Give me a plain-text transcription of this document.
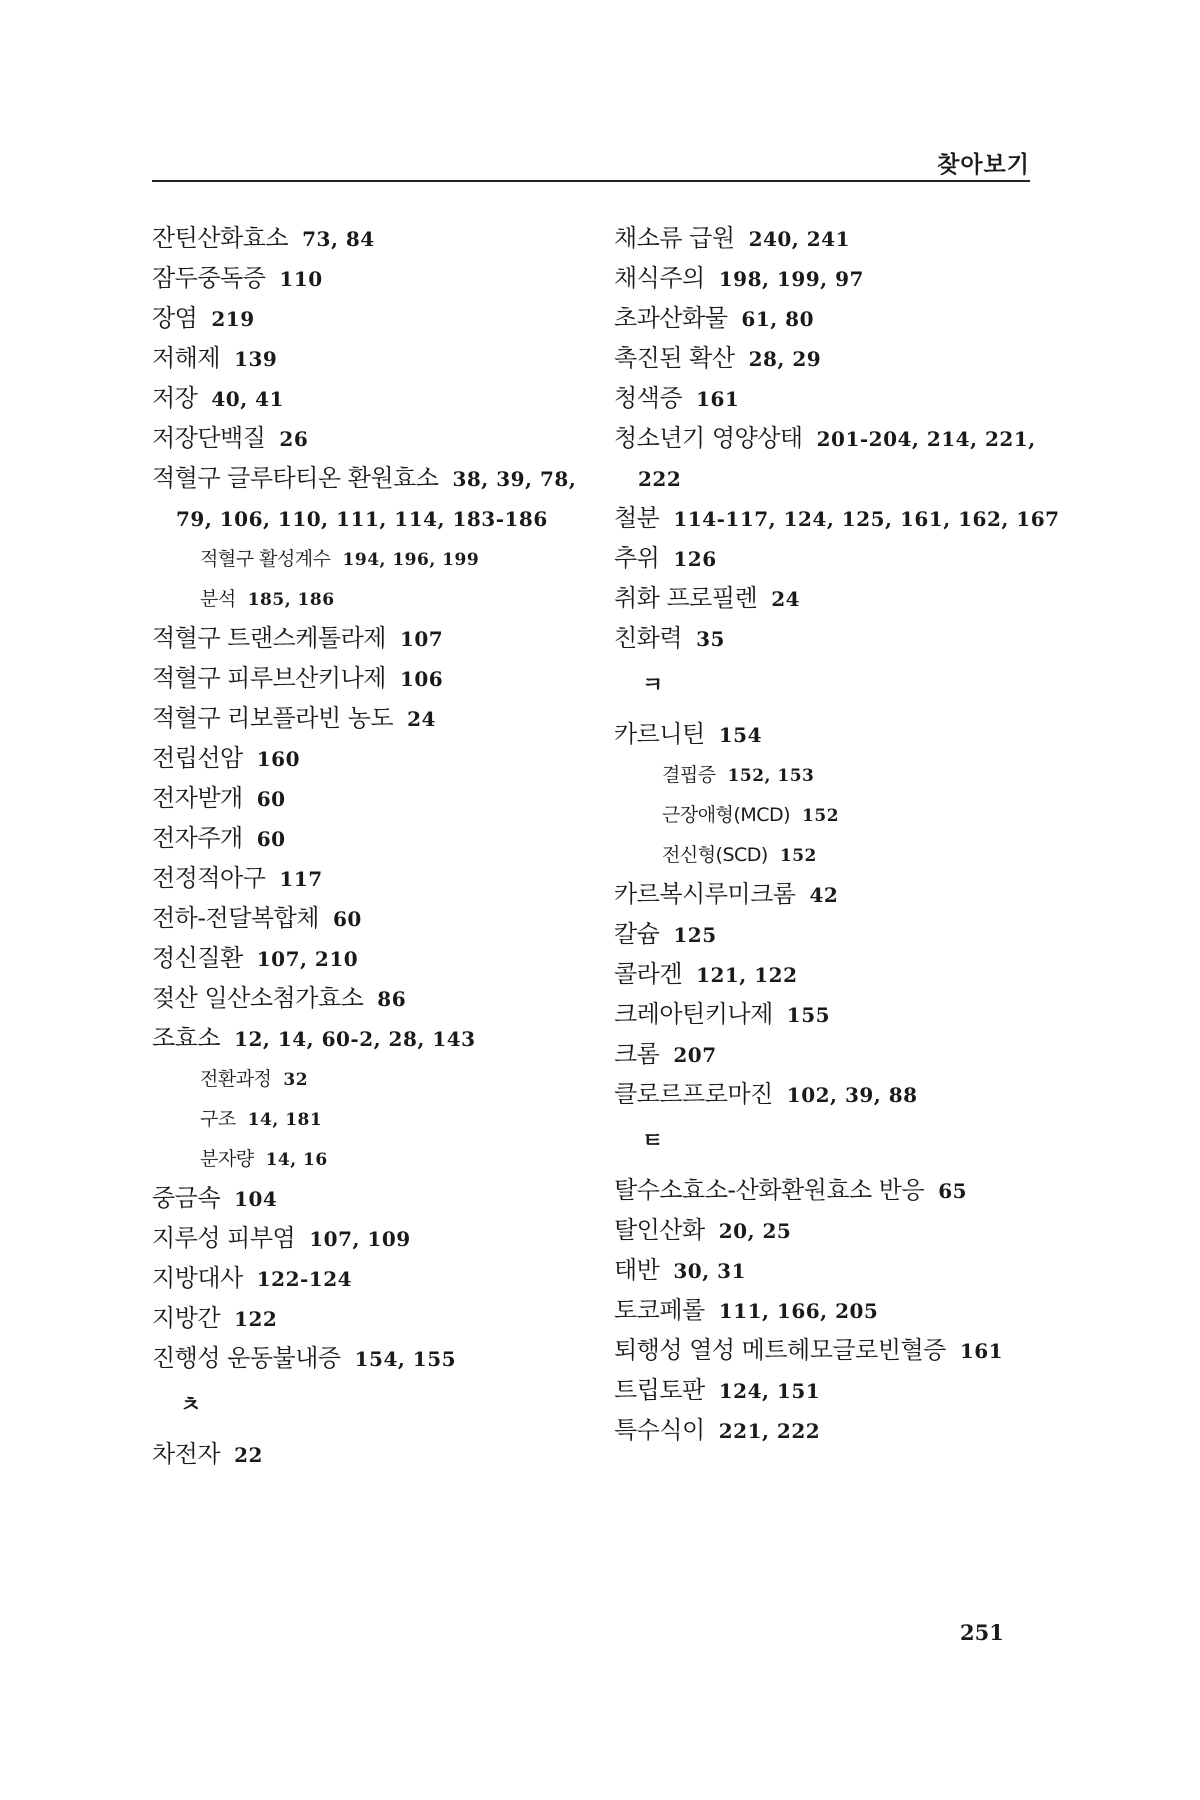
찾아보기
잔틴산화효소 73, 84
잠두중독증 110
장염 219
저해제 139
저장 40, 41
저장단백질 26
적혈구 글루타티온 환원효소 38, 39, 78,
79, 106, 110, 111, 114, 183-186
적혈구 활성계수 194, 196, 199
분석 185, 186
적혈구 트랜스케톨라제 107
적혈구 피루브산키나제 106
적혈구 리보플라빈 농도 24
전립선암 160
전자받개 60
전자주개 60
전정적아구 117
전하-전달복합체 60
정신질환 107, 210
젖산 일산소첨가효소 86
조효소 12, 14, 60-2, 28, 143
전환과정 32
구조 14, 181
분자량 14, 16
중금속 104
지루성 피부염 107, 109
지방대사 122-124
지방간 122
진행성 운동불내증 154, 155
ㅊ
차전자 22
채소류 급원 240, 241
채식주의 198, 199, 97
초과산화물 61, 80
촉진된 확산 28, 29
청색증 161
청소년기 영양상태 201-204, 214, 221,
222
철분 114-117, 124, 125, 161, 162, 167
추위 126
취화 프로필렌 24
친화력 35
ㅋ
카르니틴 154
결핍증 152, 153
근장애형(MCD) 152
전신형(SCD) 152
카르복시루미크롬 42
칼슘 125
콜라겐 121, 122
크레아틴키나제 155
크롬 207
클로르프로마진 102, 39, 88
ㅌ
탈수소효소-산화환원효소 반응 65
탈인산화 20, 25
태반 30, 31
토코페롤 111, 166, 205
퇴행성 열성 메트헤모글로빈혈증 161
트립토판 124, 151
특수식이 221, 222
251
